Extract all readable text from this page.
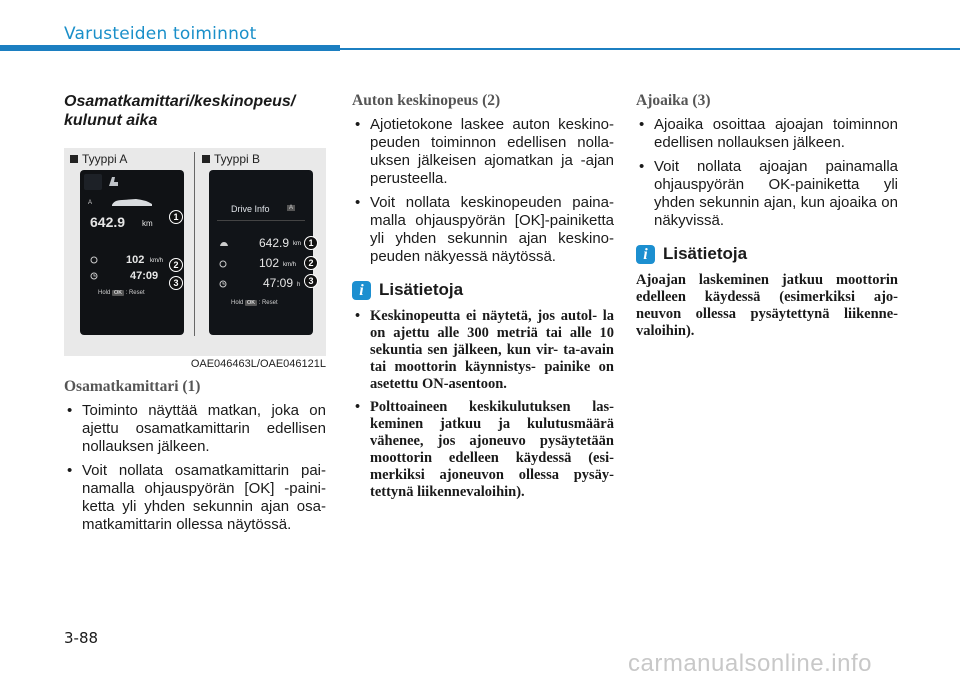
Varusteiden toiminnot

Osamatkamittari/keskinopeus/ kulunut aika

Tyyppi A	Tyyppi B
A
642.9 km
102 km/h
47:09
Hold OK : Reset
1
2
3
Drive Info	A
642.9 km
102 km/h
47:09 h
Hold OK : Reset
1
2
3
OAE046463L/OAE046121L

Osamatkamittari (1)

• Toiminto näyttää matkan, joka on ajettu osamatkamittarin edellisen nollauksen jälkeen.
• Voit nollata osamatkamittarin pai- namalla ohjauspyörän [OK] -paini- ketta yli yhden sekunnin ajan osa- matkamittarin ollessa näytössä.

Auton keskinopeus (2)

• Ajotietokone laskee auton keskino- peuden toiminnon edellisen nolla- uksen jälkeisen ajomatkan ja -ajan perusteella.
• Voit nollata keskinopeuden paina- malla ohjauspyörän [OK]-painiketta yli yhden sekunnin ajan keskino- peuden näkyessä näytössä.
i Lisätietoja
• Keskinopeutta ei näytetä, jos autol- la on ajettu alle 300 metriä tai alle 10 sekuntia sen jälkeen, kun vir- ta-avain tai moottorin käynnistys- painike on asetettu ON-asentoon.
• Polttoaineen keskikulutuksen las- keminen jatkuu ja kulutusmäärä vähenee, jos ajoneuvo pysäytetään moottorin edelleen käydessä (esi- merkiksi ajoneuvon ollessa pysäy- tettynä liikennevaloihin).

Ajoaika (3)

• Ajoaika osoittaa ajoajan toiminnon edellisen nollauksen jälkeen.
• Voit nollata ajoajan painamalla ohjauspyörän OK-painiketta yli yhden sekunnin ajan, kun ajoaika on näkyvissä.
i Lisätietoja

Ajoajan laskeminen jatkuu moottorin edelleen käydessä (esimerkiksi ajo- neuvon ollessa pysäytettynä liikenne- valoihin).

3-88
carmanualsonline.info
